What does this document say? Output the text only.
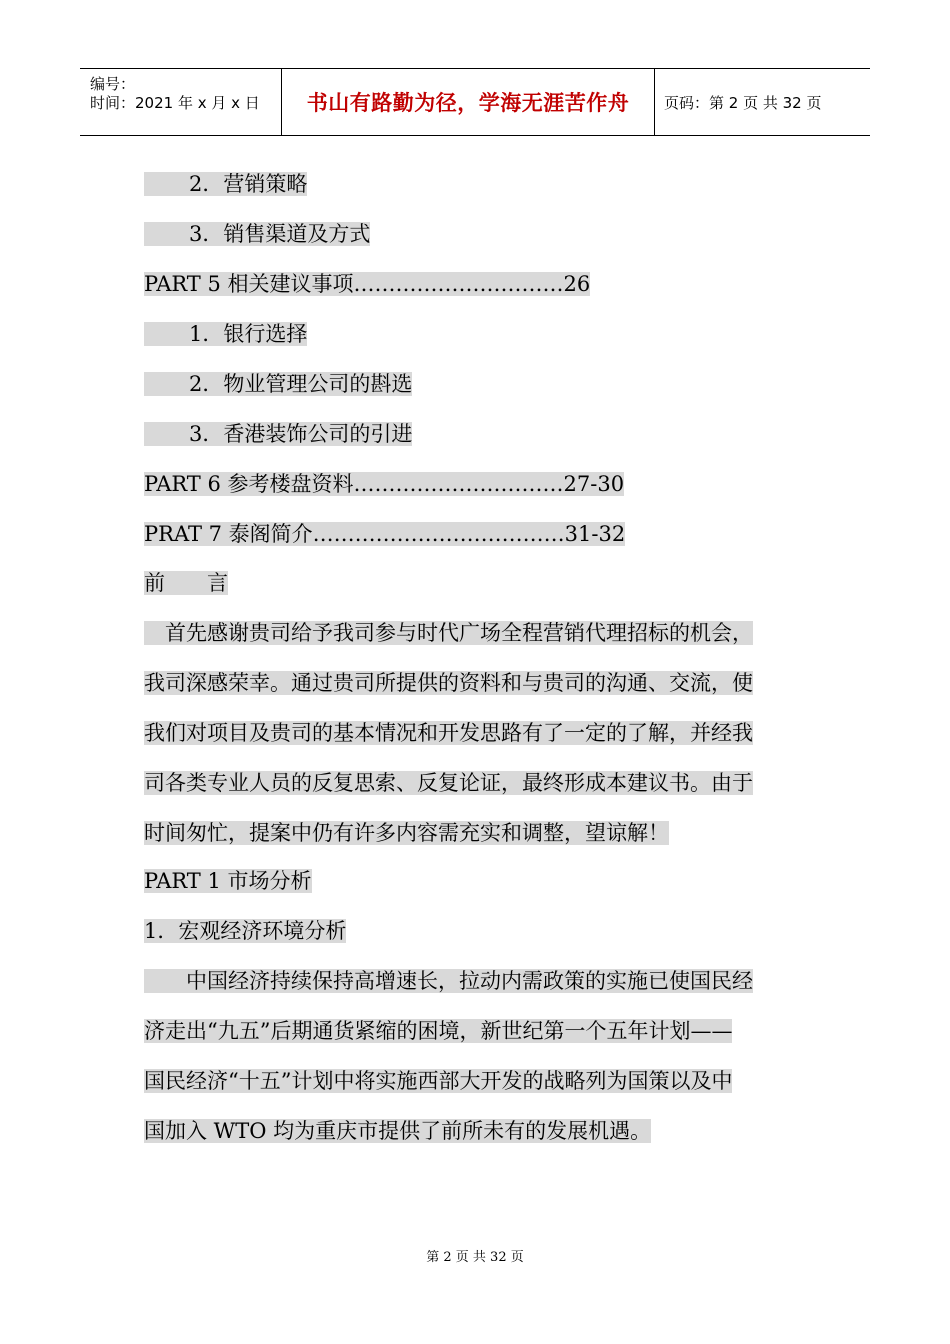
编号：
时间：2021 年 x 月 x 日	书山有路勤为径，学海无涯苦作舟	页码：第 2 页 共 32 页
2．营销策略
3．销售渠道及方式
PART 5 相关建议事项…………………………26
1．银行选择
2．物业管理公司的斟选
3．香港装饰公司的引进
PART 6 参考楼盘资料…………………………27-30
PRAT 7 泰阁简介………………………………31-32
前　　言
　首先感谢贵司给予我司参与时代广场全程营销代理招标的机会，
我司深感荣幸。通过贵司所提供的资料和与贵司的沟通、交流，使
我们对项目及贵司的基本情况和开发思路有了一定的了解，并经我
司各类专业人员的反复思索、反复论证，最终形成本建议书。由于
时间匆忙，提案中仍有许多内容需充实和调整，望谅解！
PART 1 市场分析
1．宏观经济环境分析
　　中国经济持续保持高增速长，拉动内需政策的实施已使国民经
济走出“九五”后期通货紧缩的困境，新世纪第一个五年计划——
国民经济“十五”计划中将实施西部大开发的战略列为国策以及中
国加入 WTO 均为重庆市提供了前所未有的发展机遇。
第 2 页 共 32 页
